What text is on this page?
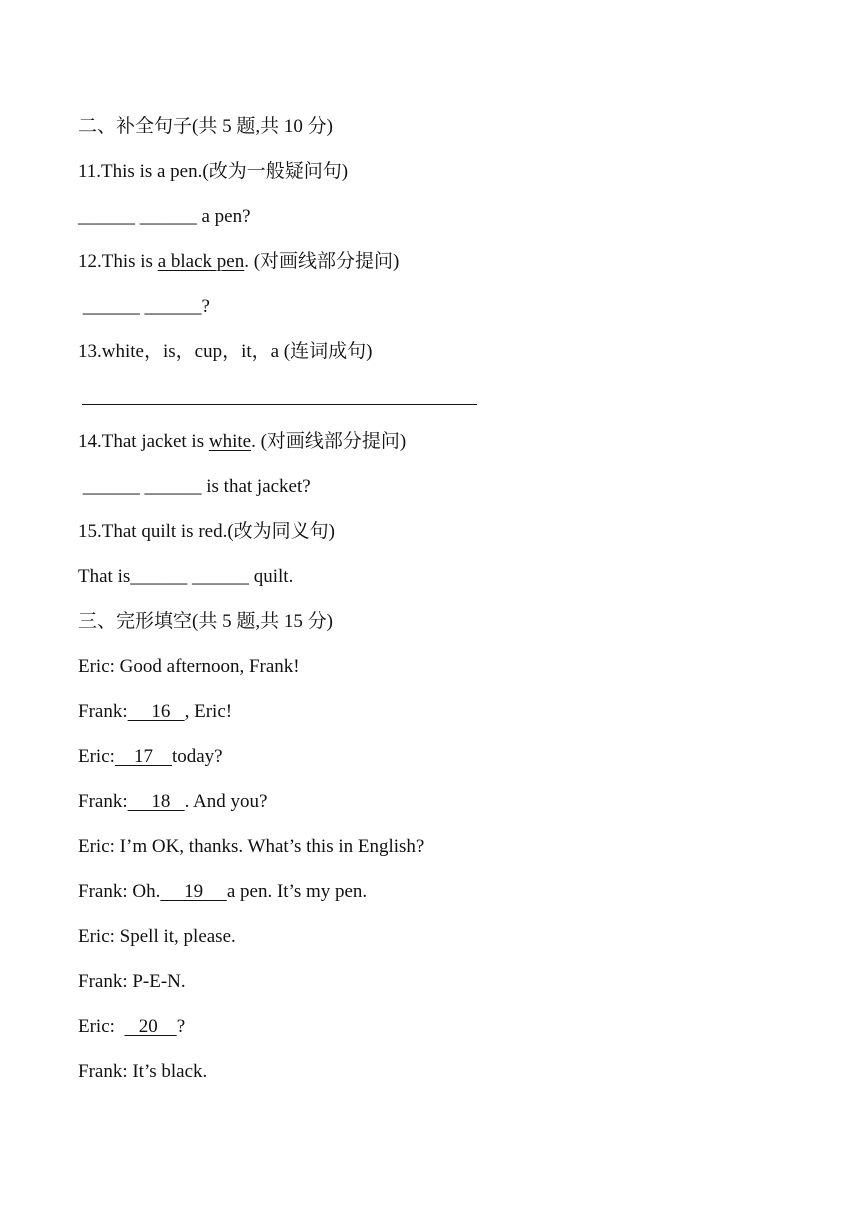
二、补全句子(共 5 题,共 10 分)
11.This is a pen.(改为一般疑问句)
______ ______ a pen?
12.This is a black pen. (对画线部分提问)
______ ______?
13.white，is，cup，it，a (连词成句)
14.That jacket is white. (对画线部分提问)
______ ______ is that jacket?
15.That quilt is red.(改为同义句)
That is______ ______ quilt.
三、完形填空(共 5 题,共 15 分)
Eric: Good afternoon, Frank!
Frank:     16   , Eric!
Eric:    17    today?
Frank:     18   . And you?
Eric: I’m OK, thanks. What’s this in English?
Frank: Oh.     19     a pen. It’s my pen.
Eric: Spell it, please.
Frank: P-E-N.
Eric:     20    ?
Frank: It’s black.
